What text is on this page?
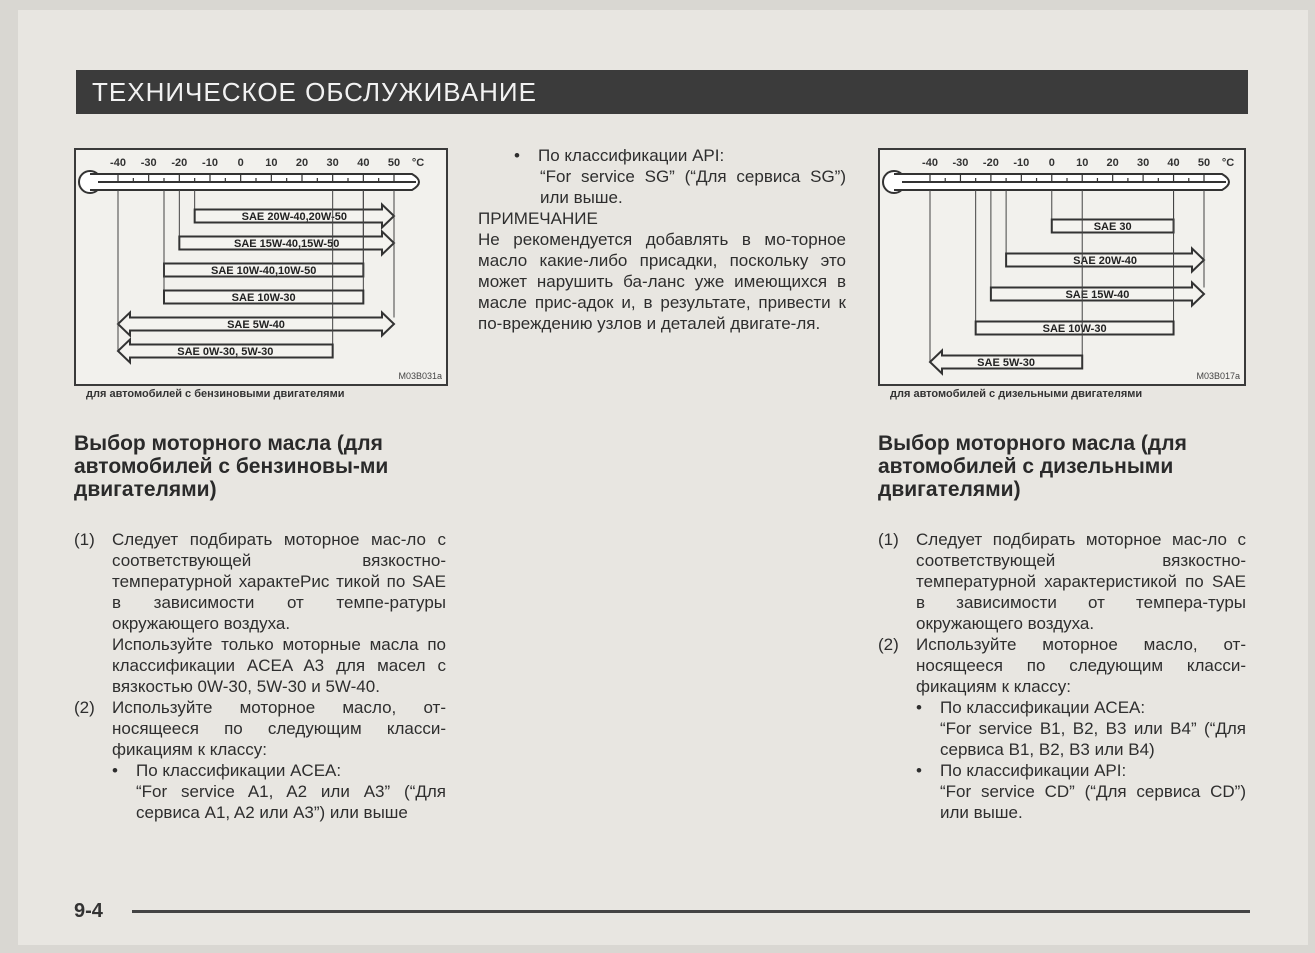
ТЕХНИЧЕСКОЕ ОБСЛУЖИВАНИЕ
-40 -30 -20 -10 0 10 20 30 40 50 °C
SAE 20W-40,20W-50
SAE 15W-40,15W-50
SAE 10W-40,10W-50
SAE 10W-30
SAE 5W-40
SAE 0W-30, 5W-30
M03B031a
для автомобилей с бензиновыми двигателями
-40 -30 -20 -10 0 10 20 30 40 50 °C
SAE 30
SAE 20W-40
SAE 15W-40
SAE 10W-30
SAE 5W-30
M03B017a
для автомобилей с дизельными двигателями
Выбор моторного масла (для автомобилей с бензиновы-ми двигателями)
(1)	Следует подбирать моторное мас-ло с соответствующей вязкостно-температурной характеРис тикой по SAE в зависимости от темпе-ратуры окружающего воздуха.
Используйте только моторные масла по классификации ACEA A3 для масел с вязкостью 0W-30, 5W-30 и 5W-40.
(2)	Используйте моторное масло, от-носящееся по следующим класси-фикациям к классу:
•	По классификации ACEA:
“For service A1, A2 или A3” (“Для сервиса A1, A2 или A3”) или выше
•	По классификации API:
“For service SG” (“Для сервиса SG”) или выше.
ПРИМЕЧАНИЕ
Не рекомендуется добавлять в мо-торное масло какие-либо присадки, поскольку это может нарушить ба-ланс уже имеющихся в масле прис-адок и, в результате, привести к по-вреждению узлов и деталей двигате-ля.
Выбор моторного масла (для автомобилей с дизельными двигателями)
(1)	Следует подбирать моторное мас-ло с соответствующей вязкостно-температурной характеристикой по SAE в зависимости от темпера-туры окружающего воздуха.
(2)	Используйте моторное масло, от-носящееся по следующим класси-фикациям к классу:
•	По классификации ACEA:
“For service B1, B2, B3 или B4” (“Для сервиса B1, B2, B3 или B4)
•	По классификации API:
“For service CD” (“Для сервиса CD”) или выше.
9-4
